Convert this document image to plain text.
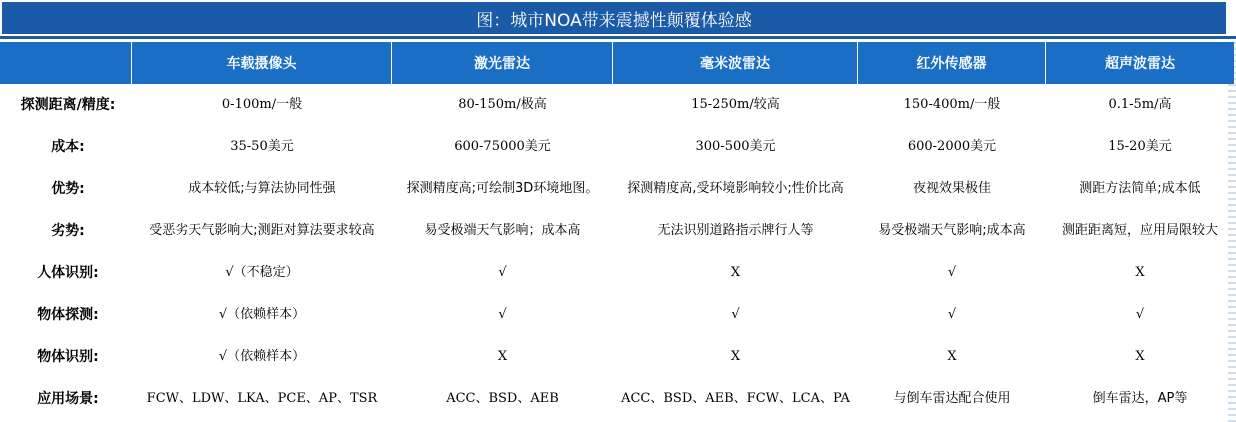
图：城市NOA带来震撼性颠覆体验感
	车载摄像头	激光雷达	毫米波雷达	红外传感器	超声波雷达
探测距离/精度:	0-100m/一般	80-150m/极高	15-250m/较高	150-400m/一般	0.1-5m/高
成本:	35-50美元	600-75000美元	300-500美元	600-2000美元	15-20美元
优势:	成本较低;与算法协同性强	探测精度高;可绘制3D环境地图。	探测精度高,受环境影响较小;性价比高	夜视效果极佳	测距方法简单;成本低
劣势:	受恶劣天气影响大;测距对算法要求较高	易受极端天气影响；成本高	无法识别道路指示牌行人等	易受极端天气影响;成本高	测距距离短，应用局限较大
人体识别:	√（不稳定）	√	X	√	X
物体探测:	√（依赖样本）	√	√	√	√
物体识别:	√（依赖样本）	X	X	X	X
应用场景:	FCW、LDW、LKA、PCE、AP、TSR	ACC、BSD、AEB	ACC、BSD、AEB、FCW、LCA、PA	与倒车雷达配合使用	倒车雷达，AP等
